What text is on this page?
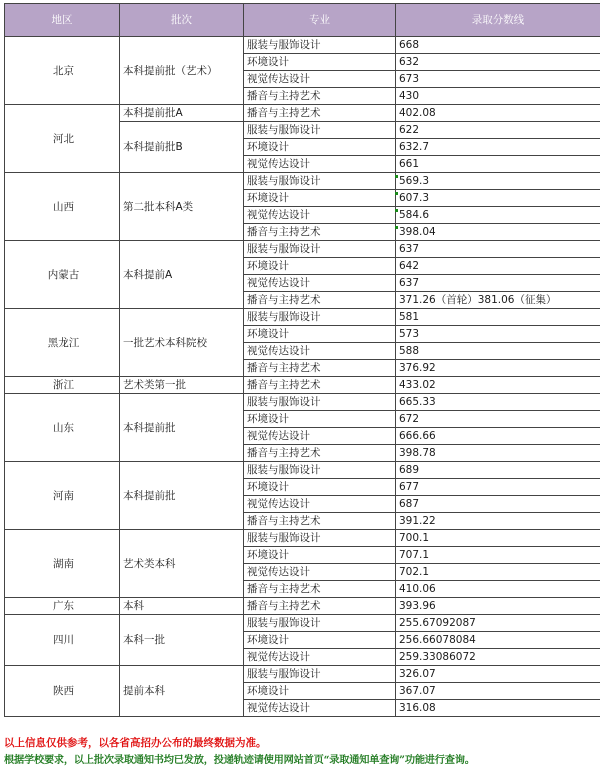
地区	批次	专业	录取分数线
北京	本科提前批（艺术）	服装与服饰设计	668
		环境设计	632
		视觉传达设计	673
		播音与主持艺术	430
河北	本科提前批A	播音与主持艺术	402.08
	本科提前批B	服装与服饰设计	622
		环境设计	632.7
		视觉传达设计	661
山西	第二批本科A类	服装与服饰设计	569.3
		环境设计	607.3
		视觉传达设计	584.6
		播音与主持艺术	398.04
内蒙古	本科提前A	服装与服饰设计	637
		环境设计	642
		视觉传达设计	637
		播音与主持艺术	371.26（首轮）381.06（征集）
黑龙江	一批艺术本科院校	服装与服饰设计	581
		环境设计	573
		视觉传达设计	588
		播音与主持艺术	376.92
浙江	艺术类第一批	播音与主持艺术	433.02
山东	本科提前批	服装与服饰设计	665.33
		环境设计	672
		视觉传达设计	666.66
		播音与主持艺术	398.78
河南	本科提前批	服装与服饰设计	689
		环境设计	677
		视觉传达设计	687
		播音与主持艺术	391.22
湖南	艺术类本科	服装与服饰设计	700.1
		环境设计	707.1
		视觉传达设计	702.1
		播音与主持艺术	410.06
广东	本科	播音与主持艺术	393.96
四川	本科一批	服装与服饰设计	255.67092087
		环境设计	256.66078084
		视觉传达设计	259.33086072
陕西	提前本科	服装与服饰设计	326.07
		环境设计	367.07
		视觉传达设计	316.08
以上信息仅供参考，以各省高招办公布的最终数据为准。
根据学校要求，以上批次录取通知书均已发放，投递轨迹请使用网站首页“录取通知单查询”功能进行查询。
